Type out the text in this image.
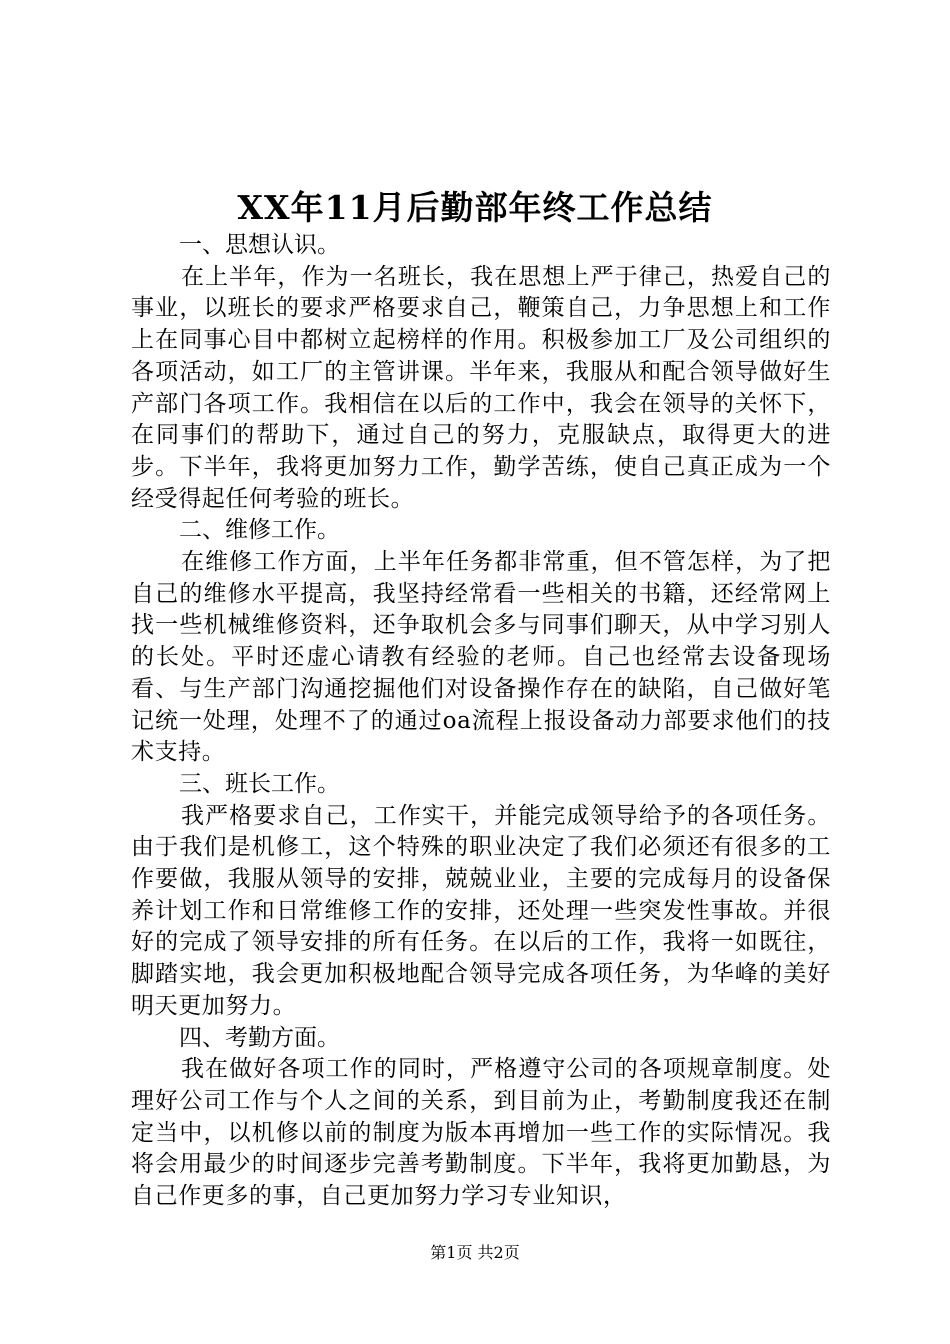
XX年11月后勤部年终工作总结
一、思想认识。
在上半年，作为一名班长，我在思想上严于律己，热爱自己的事业，以班长的要求严格要求自己，鞭策自己，力争思想上和工作上在同事心目中都树立起榜样的作用。积极参加工厂及公司组织的各项活动，如工厂的主管讲课。半年来，我服从和配合领导做好生产部门各项工作。我相信在以后的工作中，我会在领导的关怀下，在同事们的帮助下，通过自己的努力，克服缺点，取得更大的进步。下半年，我将更加努力工作，勤学苦练，使自己真正成为一个经受得起任何考验的班长。
二、维修工作。
在维修工作方面，上半年任务都非常重，但不管怎样，为了把自己的维修水平提高，我坚持经常看一些相关的书籍，还经常网上找一些机械维修资料，还争取机会多与同事们聊天，从中学习别人的长处。平时还虚心请教有经验的老师。自己也经常去设备现场看、与生产部门沟通挖掘他们对设备操作存在的缺陷，自己做好笔记统一处理，处理不了的通过oa流程上报设备动力部要求他们的技术支持。
三、班长工作。
我严格要求自己，工作实干，并能完成领导给予的各项任务。由于我们是机修工，这个特殊的职业决定了我们必须还有很多的工作要做，我服从领导的安排，兢兢业业，主要的完成每月的设备保养计划工作和日常维修工作的安排，还处理一些突发性事故。并很好的完成了领导安排的所有任务。在以后的工作，我将一如既往，脚踏实地，我会更加积极地配合领导完成各项任务，为华峰的美好明天更加努力。
四、考勤方面。
我在做好各项工作的同时，严格遵守公司的各项规章制度。处理好公司工作与个人之间的关系，到目前为止，考勤制度我还在制定当中，以机修以前的制度为版本再增加一些工作的实际情况。我将会用最少的时间逐步完善考勤制度。下半年，我将更加勤恳，为自己作更多的事，自己更加努力学习专业知识，
第1页 共2页
